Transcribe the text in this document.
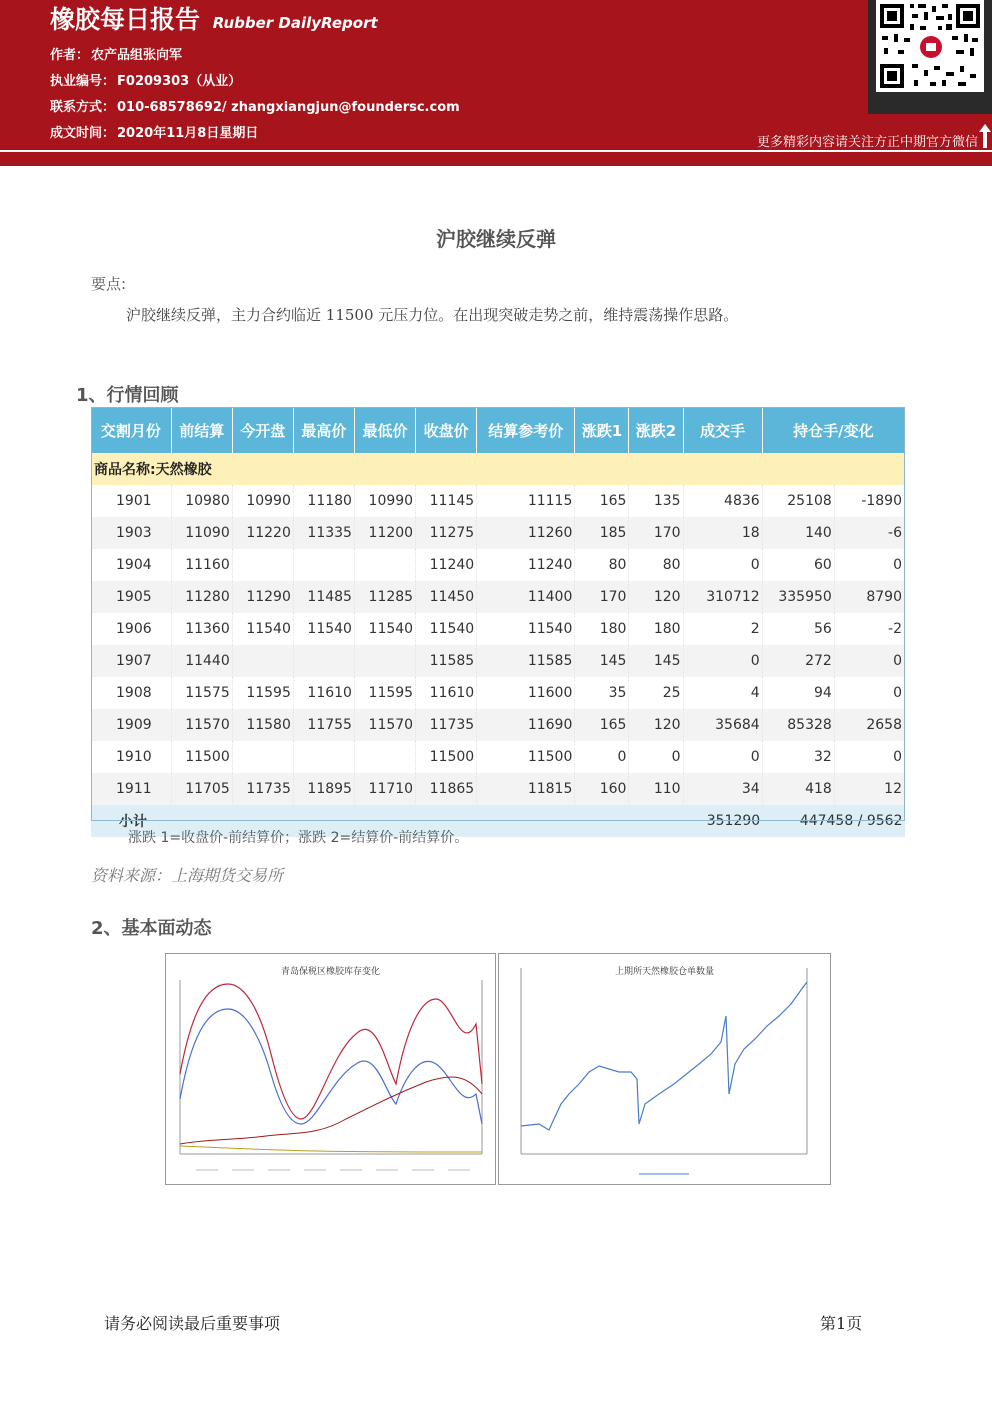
橡胶每日报告 Rubber DailyReport
作者： 农产品组张向军
执业编号： F0209303（从业）
联系方式： 010-68578692/ zhangxiangjun@foundersc.com
成文时间： 2020年11月8日星期日
更多精彩内容请关注方正中期官方微信
沪胶继续反弹
要点:
沪胶继续反弹，主力合约临近 11500 元压力位。在出现突破走势之前，维持震荡操作思路。
1、行情回顾
交割月份	前结算	今开盘	最高价	最低价	收盘价	结算参考价	涨跌1	涨跌2	成交手	持仓手/变化	
商品名称:天然橡胶											
1901	10980	10990	11180	10990	11145	11115	165	135	4836	25108	-1890
1903	11090	11220	11335	11200	11275	11260	185	170	18	140	-6
1904	11160				11240	11240	80	80	0	60	0
1905	11280	11290	11485	11285	11450	11400	170	120	310712	335950	8790
1906	11360	11540	11540	11540	11540	11540	180	180	2	56	-2
1907	11440				11585	11585	145	145	0	272	0
1908	11575	11595	11610	11595	11610	11600	35	25	4	94	0
1909	11570	11580	11755	11570	11735	11690	165	120	35684	85328	2658
1910	11500				11500	11500	0	0	0	32	0
1911	11705	11735	11895	11710	11865	11815	160	110	34	418	12
小计									351290	447458 / 9562	
涨跌 1=收盘价-前结算价；涨跌 2=结算价-前结算价。
资料来源：上海期货交易所
2、基本面动态
青岛保税区橡胶库存变化	上期所天然橡胶仓单数量
请务必阅读最后重要事项	第1页
